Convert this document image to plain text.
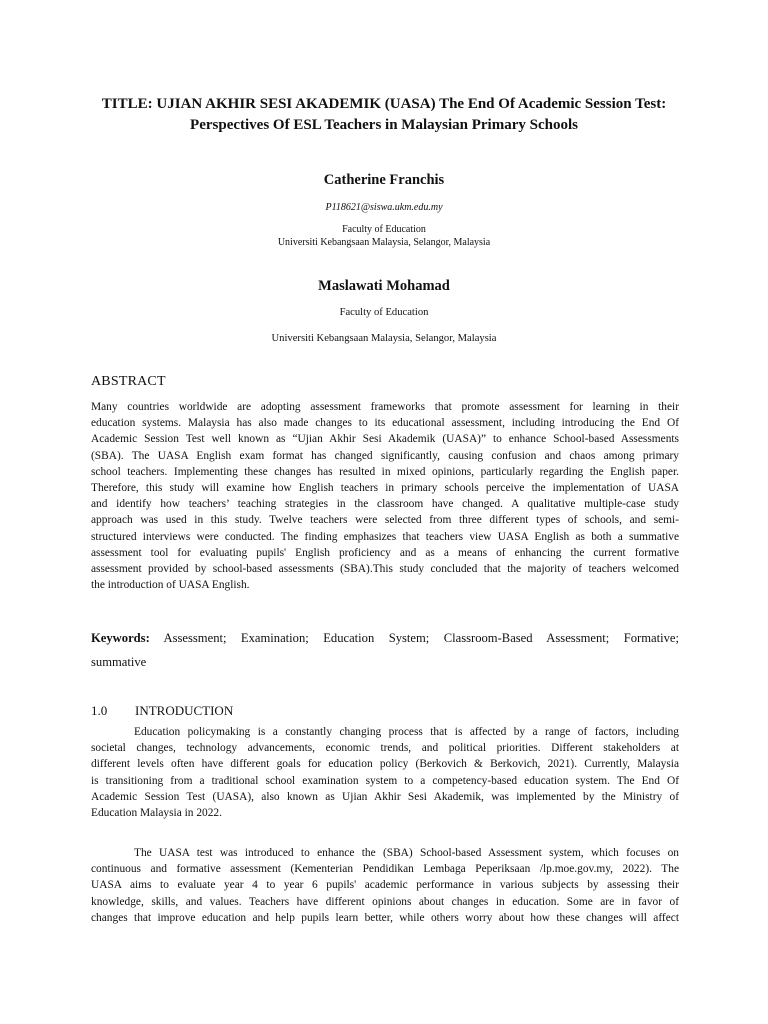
TITLE: UJIAN AKHIR SESI AKADEMIK (UASA) The End Of Academic Session Test:
Perspectives Of ESL Teachers in Malaysian Primary Schools
Catherine Franchis
P118621@siswa.ukm.edu.my
Faculty of Education
Universiti Kebangsaan Malaysia, Selangor, Malaysia
Maslawati Mohamad
Faculty of Education
Universiti Kebangsaan Malaysia, Selangor, Malaysia
ABSTRACT
Many countries worldwide are adopting assessment frameworks that promote assessment for learning in their
education systems. Malaysia has also made changes to its educational assessment, including introducing the End Of
Academic Session Test well known as “Ujian Akhir Sesi Akademik (UASA)” to enhance School-based Assessments
(SBA). The UASA English exam format has changed significantly, causing confusion and chaos among primary
school teachers. Implementing these changes has resulted in mixed opinions, particularly regarding the English paper.
Therefore, this study will examine how English teachers in primary schools perceive the implementation of UASA
and identify how teachers’ teaching strategies in the classroom have changed. A qualitative multiple-case study
approach was used in this study. Twelve teachers were selected from three different types of schools, and semi-
structured interviews were conducted. The finding emphasizes that teachers view UASA English as both a summative
assessment tool for evaluating pupils' English proficiency and as a means of enhancing the current formative
assessment provided by school-based assessments (SBA).This study concluded that the majority of teachers welcomed
the introduction of UASA English.
Keywords: Assessment; Examination; Education System; Classroom-Based Assessment; Formative;
summative
1.0 INTRODUCTION
Education policymaking is a constantly changing process that is affected by a range of factors, including
societal changes, technology advancements, economic trends, and political priorities. Different stakeholders at
different levels often have different goals for education policy (Berkovich & Berkovich, 2021). Currently, Malaysia
is transitioning from a traditional school examination system to a competency-based education system. The End Of
Academic Session Test (UASA), also known as Ujian Akhir Sesi Akademik, was implemented by the Ministry of
Education Malaysia in 2022.
The UASA test was introduced to enhance the (SBA) School-based Assessment system, which focuses on
continuous and formative assessment (Kementerian Pendidikan Lembaga Peperiksaan /lp.moe.gov.my, 2022). The
UASA aims to evaluate year 4 to year 6 pupils' academic performance in various subjects by assessing their
knowledge, skills, and values. Teachers have different opinions about changes in education. Some are in favor of
changes that improve education and help pupils learn better, while others worry about how these changes will affect
